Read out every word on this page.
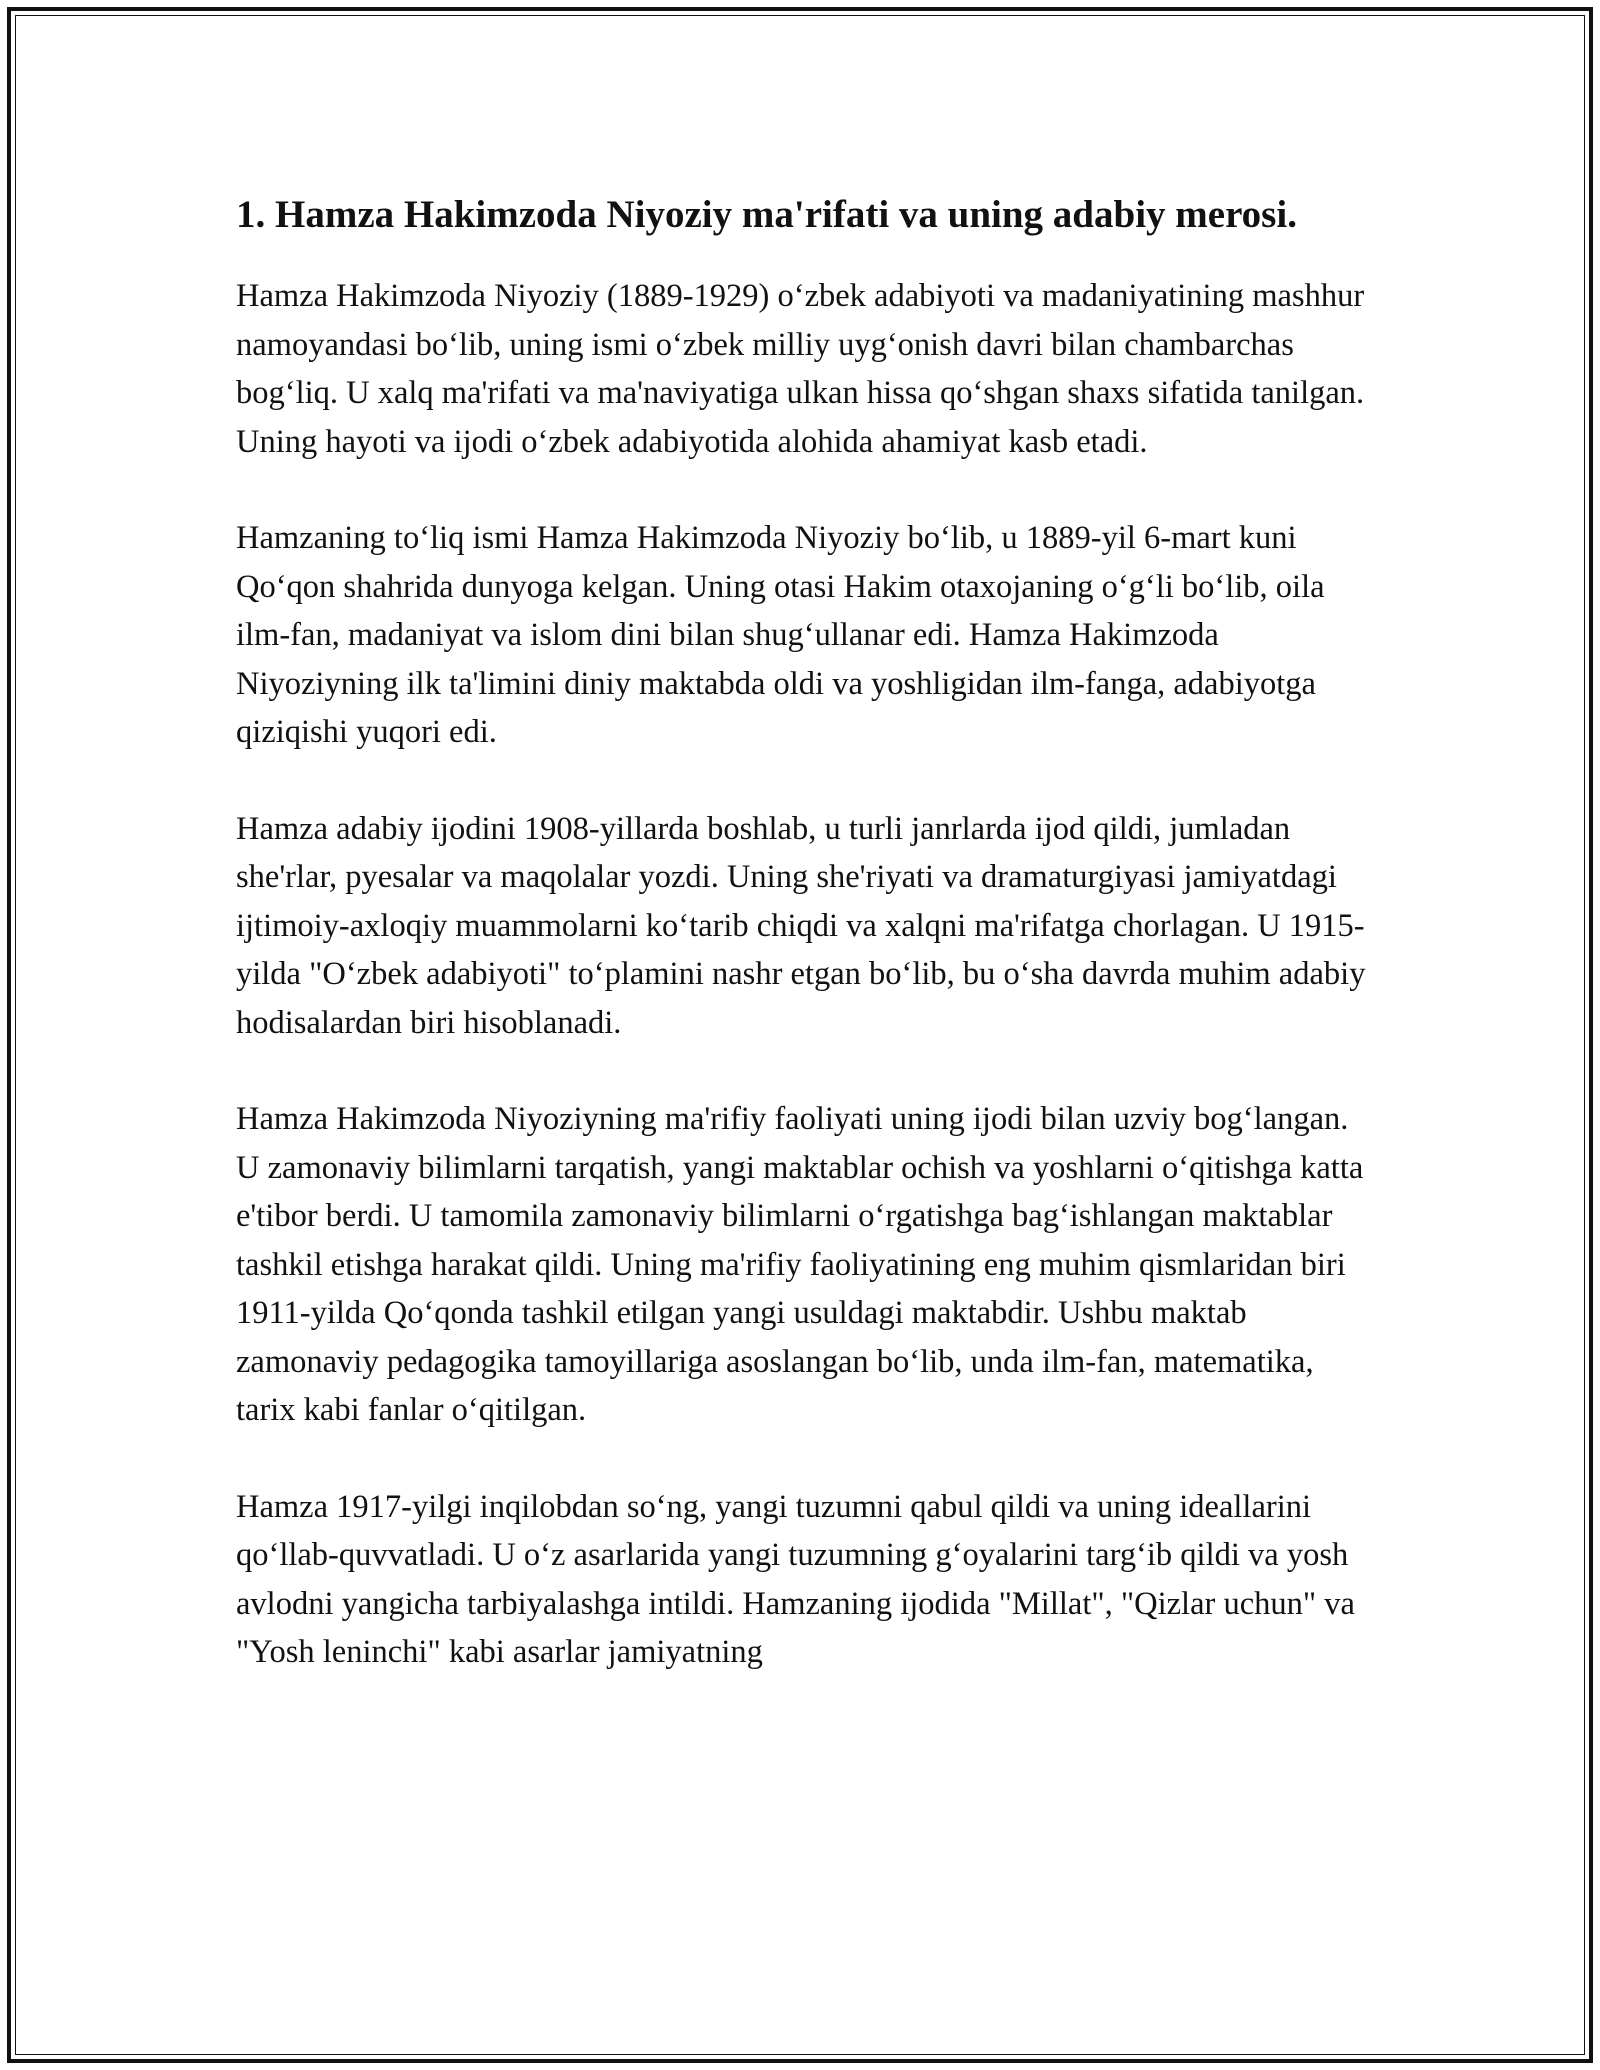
1. Hamza Hakimzoda Niyoziy ma'rifati va uning adabiy merosi.

Hamza Hakimzoda Niyoziy (1889-1929) o‘zbek adabiyoti va madaniyatining mashhur namoyandasi bo‘lib, uning ismi o‘zbek milliy uyg‘onish davri bilan chambarchas bog‘liq. U xalq ma'rifati va ma'naviyatiga ulkan hissa qo‘shgan shaxs sifatida tanilgan. Uning hayoti va ijodi o‘zbek adabiyotida alohida ahamiyat kasb etadi.

Hamzaning to‘liq ismi Hamza Hakimzoda Niyoziy bo‘lib, u 1889-yil 6-mart kuni Qo‘qon shahrida dunyoga kelgan. Uning otasi Hakim otaxojaning o‘g‘li bo‘lib, oila ilm-fan, madaniyat va islom dini bilan shug‘ullanar edi. Hamza Hakimzoda Niyoziyning ilk ta'limini diniy maktabda oldi va yoshligidan ilm-fanga, adabiyotga qiziqishi yuqori edi.

Hamza adabiy ijodini 1908-yillarda boshlab, u turli janrlarda ijod qildi, jumladan she'rlar, pyesalar va maqolalar yozdi. Uning she'riyati va dramaturgiyasi jamiyatdagi ijtimoiy-axloqiy muammolarni ko‘tarib chiqdi va xalqni ma'rifatga chorlagan. U 1915-yilda "O‘zbek adabiyoti" to‘plamini nashr etgan bo‘lib, bu o‘sha davrda muhim adabiy hodisalardan biri hisoblanadi.

Hamza Hakimzoda Niyoziyning ma'rifiy faoliyati uning ijodi bilan uzviy bog‘langan. U zamonaviy bilimlarni tarqatish, yangi maktablar ochish va yoshlarni o‘qitishga katta e'tibor berdi. U tamomila zamonaviy bilimlarni o‘rgatishga bag‘ishlangan maktablar tashkil etishga harakat qildi. Uning ma'rifiy faoliyatining eng muhim qismlaridan biri 1911-yilda Qo‘qonda tashkil etilgan yangi usuldagi maktabdir. Ushbu maktab zamonaviy pedagogika tamoyillariga asoslangan bo‘lib, unda ilm-fan, matematika, tarix kabi fanlar o‘qitilgan.

Hamza 1917-yilgi inqilobdan so‘ng, yangi tuzumni qabul qildi va uning ideallarini qo‘llab-quvvatladi. U o‘z asarlarida yangi tuzumning g‘oyalarini targ‘ib qildi va yosh avlodni yangicha tarbiyalashga intildi. Hamzaning ijodida "Millat", "Qizlar uchun" va "Yosh leninchi" kabi asarlar jamiyatning
